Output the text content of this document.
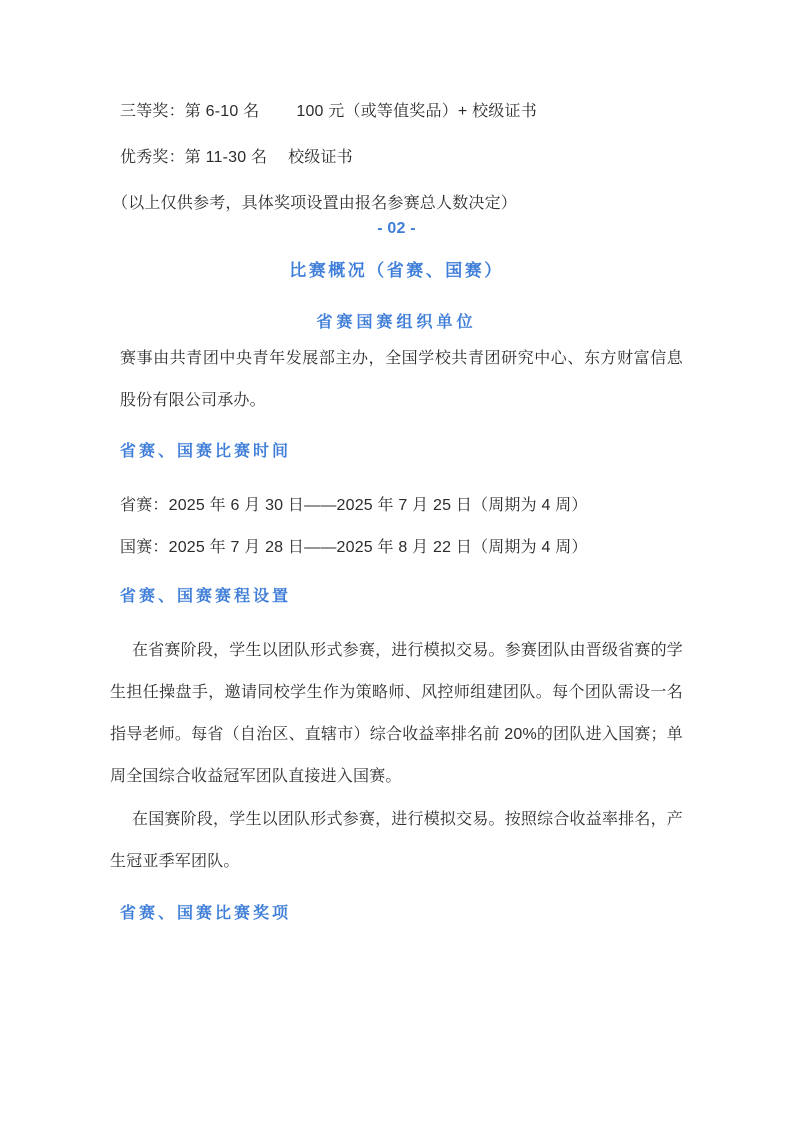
三等奖：第 6-10 名　　 100 元（或等值奖品）+ 校级证书
优秀奖：第 11-30 名　 校级证书
（以上仅供参考，具体奖项设置由报名参赛总人数决定）
- 02 -
比赛概况（省赛、国赛）
省赛国赛组织单位
赛事由共青团中央青年发展部主办，全国学校共青团研究中心、东方财富信息股份有限公司承办。
省赛、国赛比赛时间
省赛：2025 年 6 月 30 日——2025 年 7 月 25 日（周期为 4 周）
国赛：2025 年 7 月 28 日——2025 年 8 月 22 日（周期为 4 周）
省赛、国赛赛程设置
在省赛阶段，学生以团队形式参赛，进行模拟交易。参赛团队由晋级省赛的学生担任操盘手，邀请同校学生作为策略师、风控师组建团队。每个团队需设一名指导老师。每省（自治区、直辖市）综合收益率排名前 20%的团队进入国赛；单周全国综合收益冠军团队直接进入国赛。
在国赛阶段，学生以团队形式参赛，进行模拟交易。按照综合收益率排名，产生冠亚季军团队。
省赛、国赛比赛奖项
